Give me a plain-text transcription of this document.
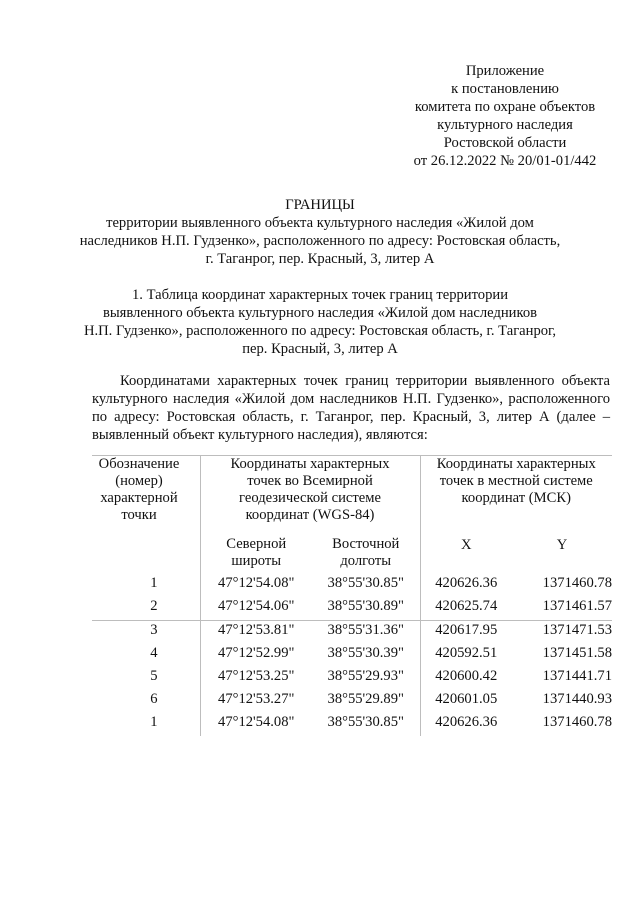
Приложение
к постановлению
комитета по охране объектов
культурного наследия
Ростовской области
от 26.12.2022 № 20/01-01/442
ГРАНИЦЫ
территории выявленного объекта культурного наследия «Жилой дом
наследников Н.П. Гудзенко», расположенного по адресу: Ростовская область,
г. Таганрог, пер. Красный, 3, литер А
1. Таблица координат характерных точек границ территории
выявленного объекта культурного наследия «Жилой дом наследников
Н.П. Гудзенко», расположенного по адресу: Ростовская область, г. Таганрог,
пер. Красный, 3, литер А
Координатами характерных точек границ территории выявленного объекта культурного наследия «Жилой дом наследников Н.П. Гудзенко», расположенного по адресу: Ростовская область, г. Таганрог, пер. Красный, 3, литер А (далее – выявленный объект культурного наследия), являются:
Обозначение (номер) характерной точки	Координаты характерных точек во Всемирной геодезической системе координат (WGS-84)		Координаты характерных точек в местной системе координат (МСК)	

	Северной широты	Восточной долготы	X	Y
1	47°12'54.08"	38°55'30.85"	420626.36	1371460.78
2	47°12'54.06"	38°55'30.89"	420625.74	1371461.57
3	47°12'53.81"	38°55'31.36"	420617.95	1371471.53
4	47°12'52.99"	38°55'30.39"	420592.51	1371451.58
5	47°12'53.25"	38°55'29.93"	420600.42	1371441.71
6	47°12'53.27"	38°55'29.89"	420601.05	1371440.93
1	47°12'54.08"	38°55'30.85"	420626.36	1371460.78
